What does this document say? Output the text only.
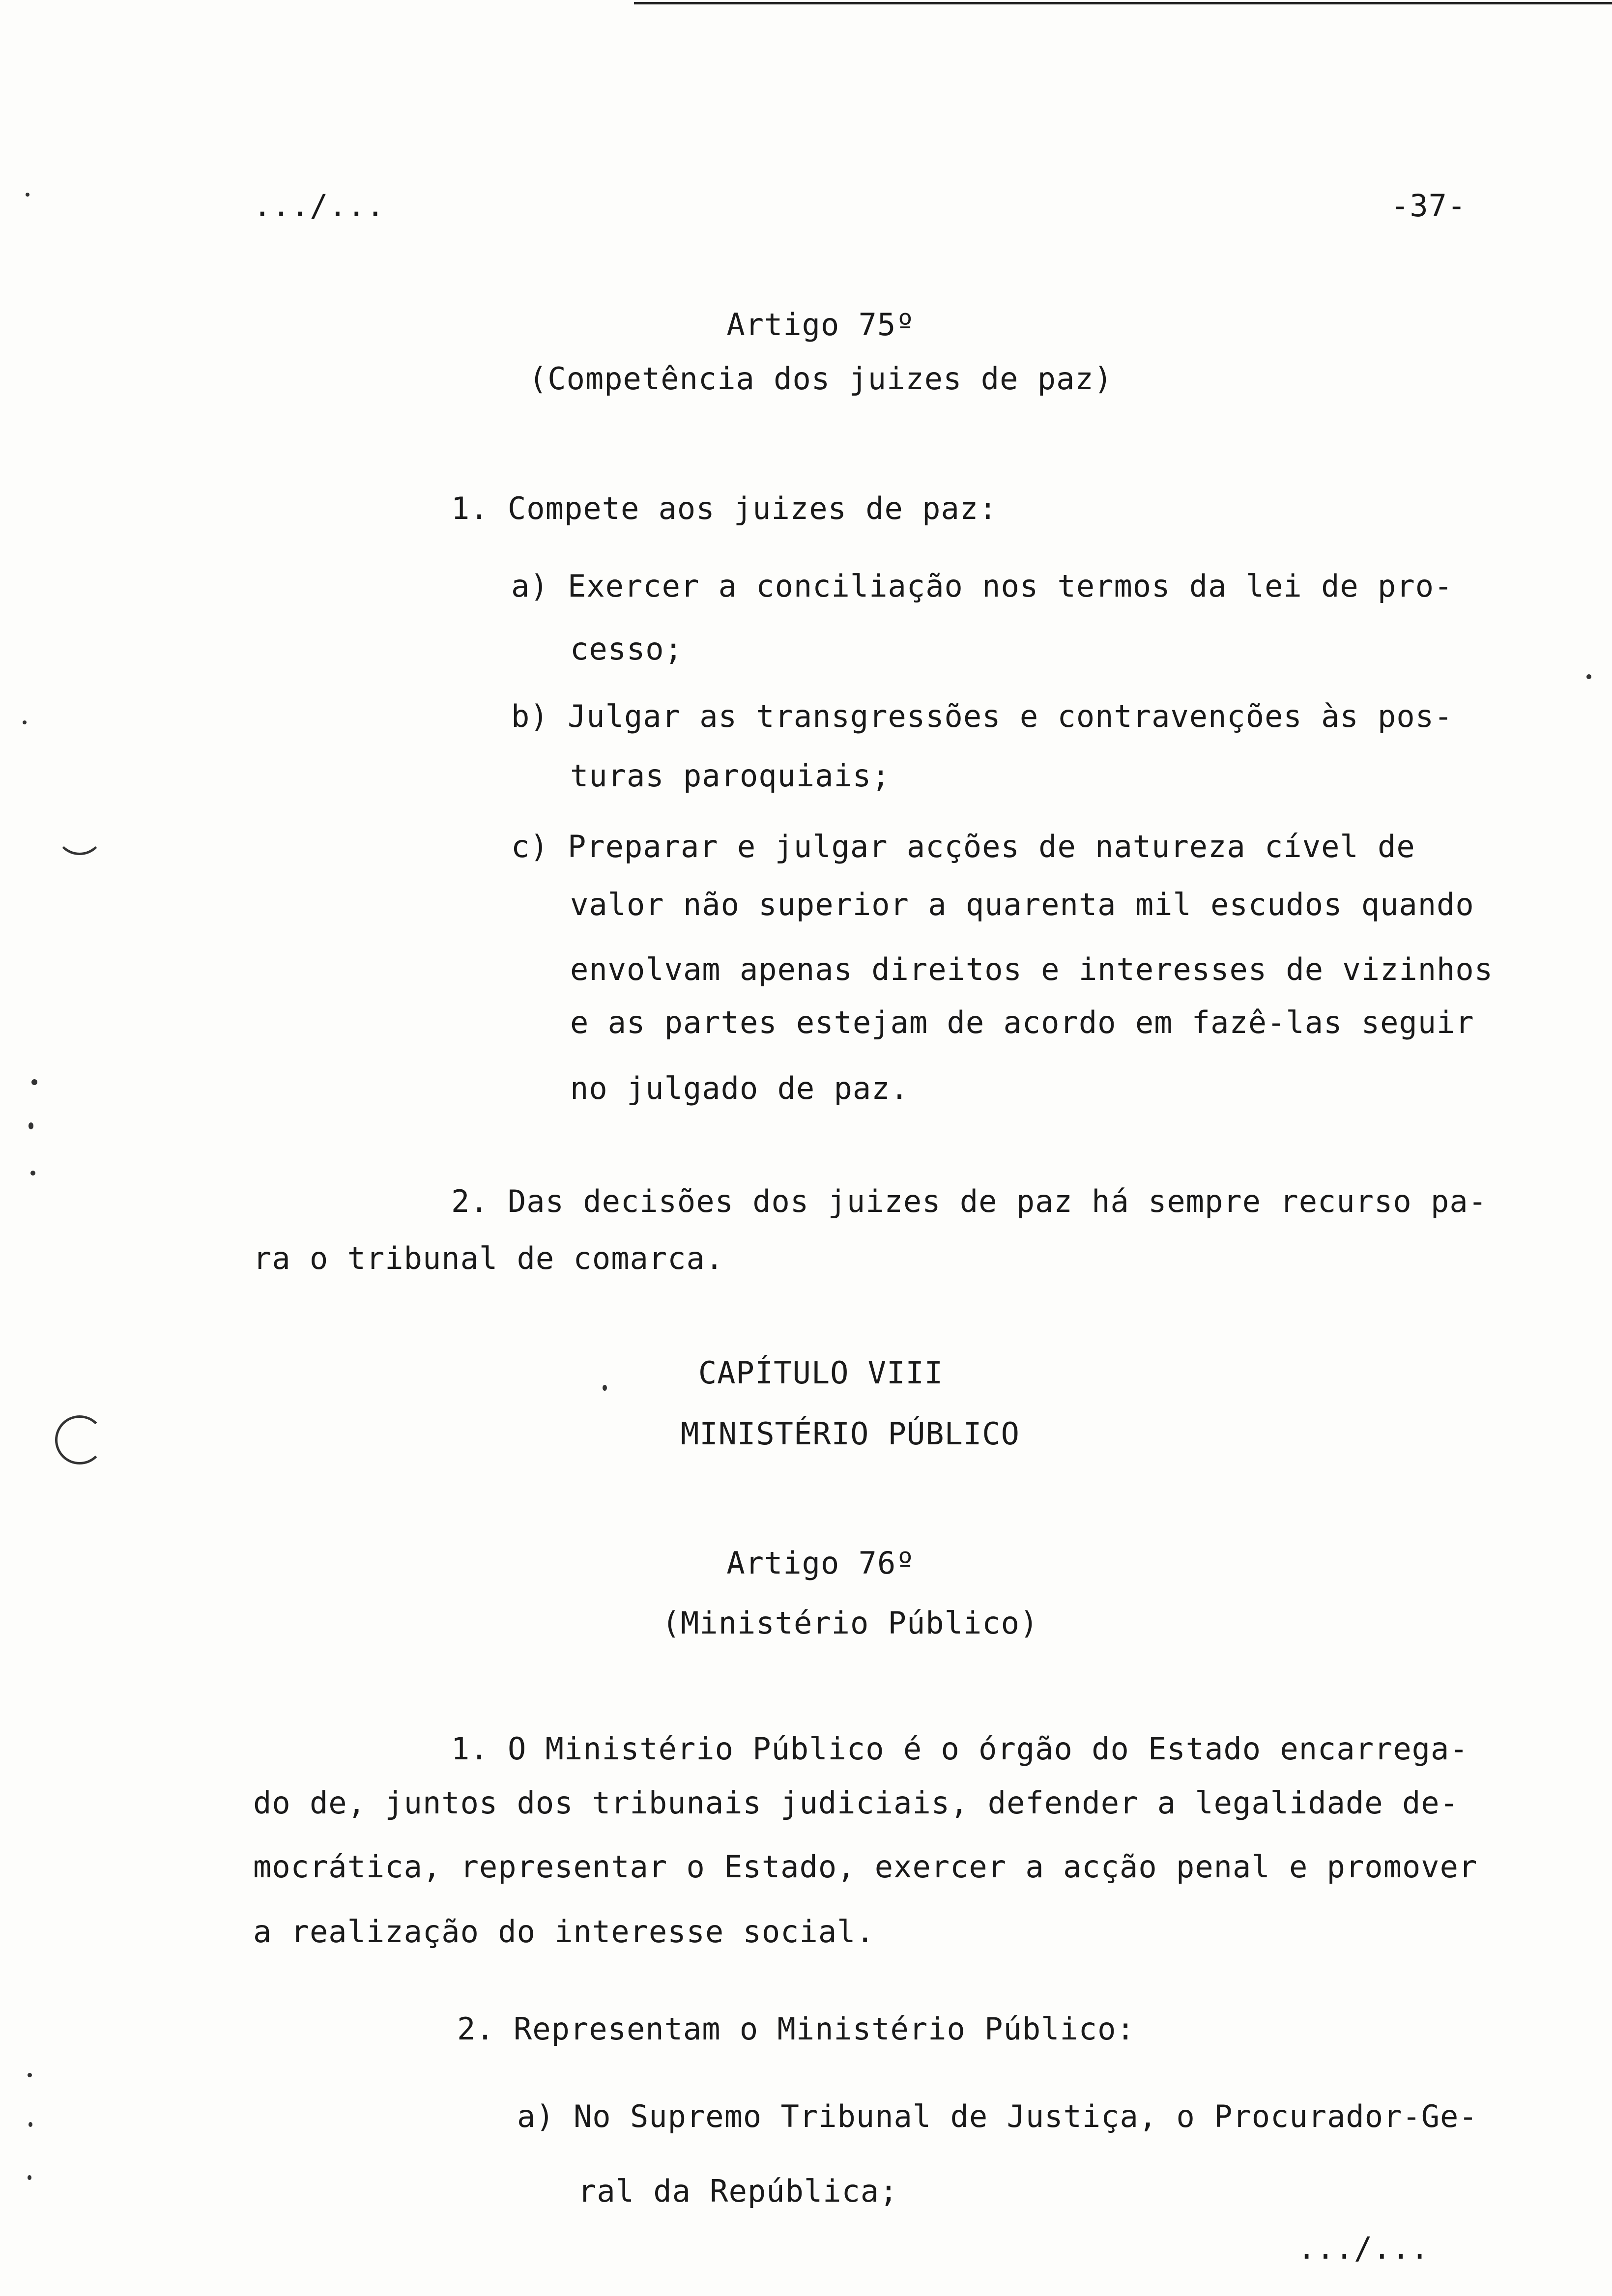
.../...	-37-
Artigo 75º
(Competência dos juizes de paz)
1. Compete aos juizes de paz:
a) Exercer a conciliação nos termos da lei de pro-
cesso;
b) Julgar as transgressões e contravenções às pos-
turas paroquiais;
c) Preparar e julgar acções de natureza cível de
valor não superior a quarenta mil escudos quando
envolvam apenas direitos e interesses de vizinhos
e as partes estejam de acordo em fazê-las seguir
no julgado de paz.
2. Das decisões dos juizes de paz há sempre recurso pa-
ra o tribunal de comarca.
CAPÍTULO VIII
MINISTÉRIO PÚBLICO
Artigo 76º
(Ministério Público)
1. O Ministério Público é o órgão do Estado encarrega-
do de, juntos dos tribunais judiciais, defender a legalidade de-
mocrática, representar o Estado, exercer a acção penal e promover
a realização do interesse social.
2. Representam o Ministério Público:
a) No Supremo Tribunal de Justiça, o Procurador-Ge-
ral da República;
.../...
